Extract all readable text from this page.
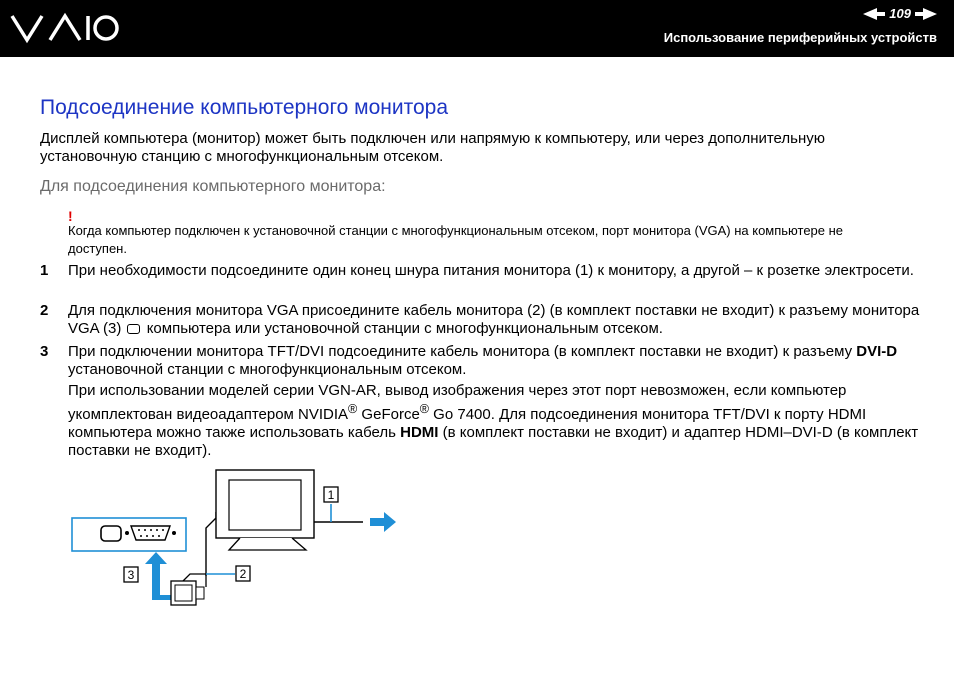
109
Использование периферийных устройств
Подсоединение компьютерного монитора
Дисплей компьютера (монитор) может быть подключен или напрямую к компьютеру, или через дополнительную установочную станцию с многофункциональным отсеком.
Для подсоединения компьютерного монитора:
!
Когда компьютер подключен к установочной станции с многофункциональным отсеком, порт монитора (VGA) на компьютере не доступен.
1 При необходимости подсоедините один конец шнура питания монитора (1) к монитору, а другой – к розетке электросети.
2 Для подключения монитора VGA присоедините кабель монитора (2) (в комплект поставки не входит) к разъему монитора VGA (3) компьютера или установочной станции с многофункциональным отсеком.
3 При подключении монитора TFT/DVI подсоедините кабель монитора (в комплект поставки не входит) к разъему DVI-D установочной станции с многофункциональным отсеком.
При использовании моделей серии VGN-AR, вывод изображения через этот порт невозможен, если компьютер укомплектован видеоадаптером NVIDIA® GeForce® Go 7400. Для подсоединения монитора TFT/DVI к порту HDMI компьютера можно также использовать кабель HDMI (в комплект поставки не входит) и адаптер HDMI–DVI-D (в комплект поставки не входит).
1
2
3
